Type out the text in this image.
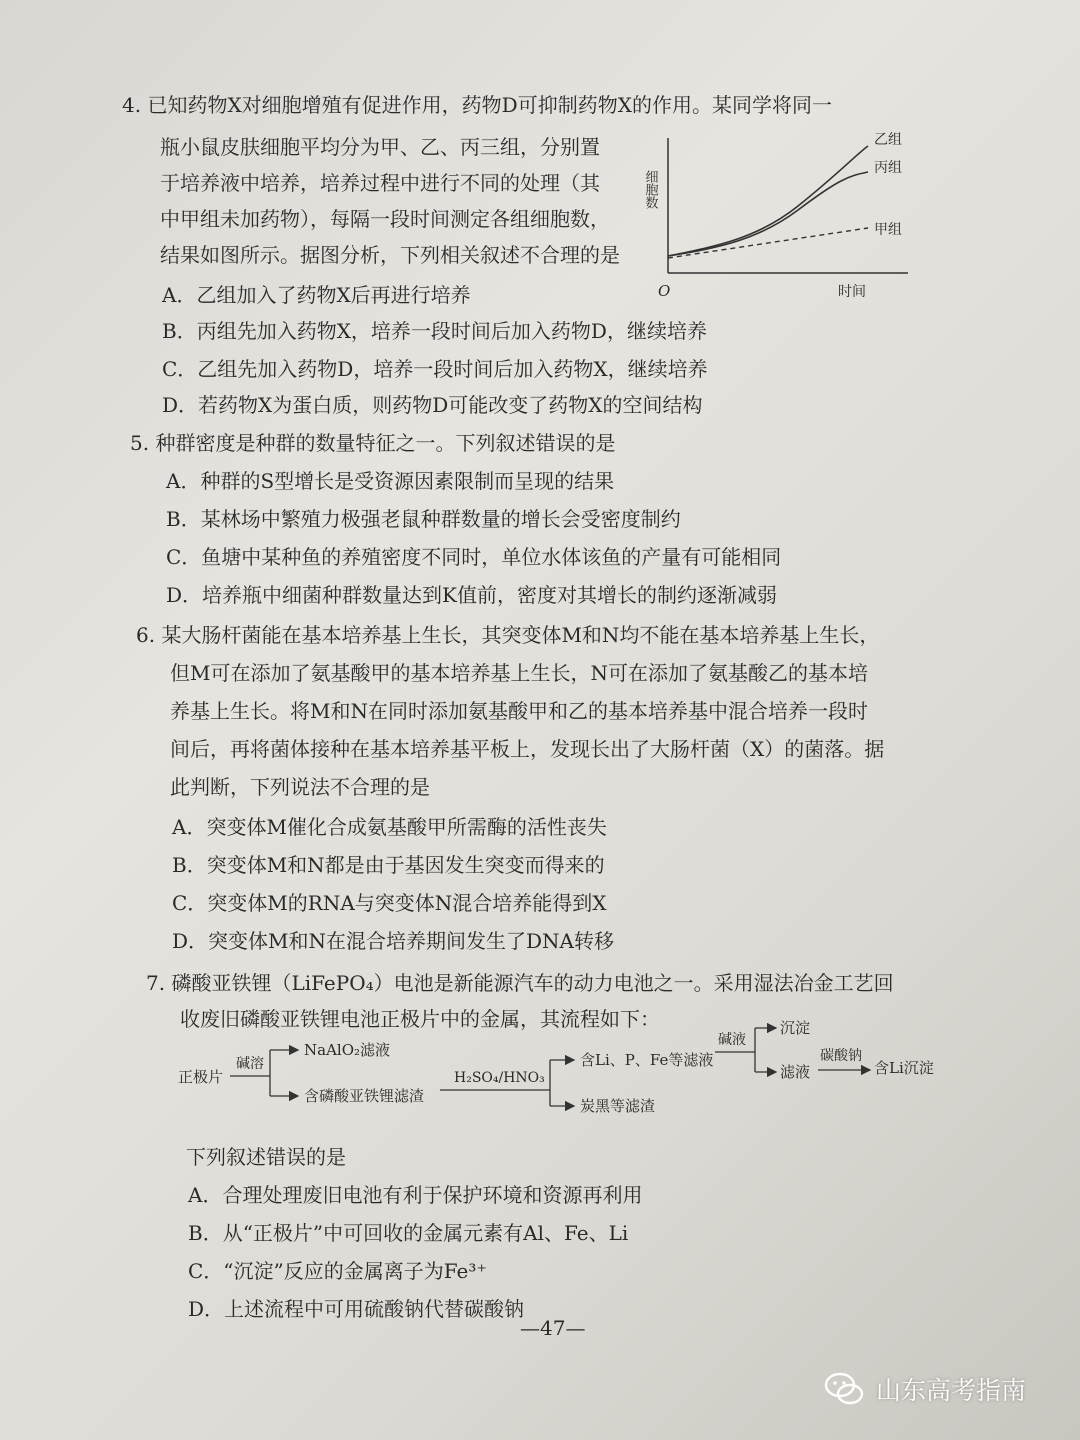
4. 已知药物X对细胞增殖有促进作用，药物D可抑制药物X的作用。某同学将同一
瓶小鼠皮肤细胞平均分为甲、乙、丙三组，分别置
于培养液中培养，培养过程中进行不同的处理（其
中甲组未加药物），每隔一段时间测定各组细胞数，
结果如图所示。据图分析，下列相关叙述不合理的是
细胞数
O	时间
乙组
丙组
甲组
A．乙组加入了药物X后再进行培养
B．丙组先加入药物X，培养一段时间后加入药物D，继续培养
C．乙组先加入药物D，培养一段时间后加入药物X，继续培养
D．若药物X为蛋白质，则药物D可能改变了药物X的空间结构
5. 种群密度是种群的数量特征之一。下列叙述错误的是
A．种群的S型增长是受资源因素限制而呈现的结果
B．某林场中繁殖力极强老鼠种群数量的增长会受密度制约
C．鱼塘中某种鱼的养殖密度不同时，单位水体该鱼的产量有可能相同
D．培养瓶中细菌种群数量达到K值前，密度对其增长的制约逐渐减弱
6. 某大肠杆菌能在基本培养基上生长，其突变体M和N均不能在基本培养基上生长，
但M可在添加了氨基酸甲的基本培养基上生长，N可在添加了氨基酸乙的基本培
养基上生长。将M和N在同时添加氨基酸甲和乙的基本培养基中混合培养一段时
间后，再将菌体接种在基本培养基平板上，发现长出了大肠杆菌（X）的菌落。据
此判断，下列说法不合理的是
A．突变体M催化合成氨基酸甲所需酶的活性丧失
B．突变体M和N都是由于基因发生突变而得来的
C．突变体M的RNA与突变体N混合培养能得到X
D．突变体M和N在混合培养期间发生了DNA转移
7. 磷酸亚铁锂（LiFePO₄）电池是新能源汽车的动力电池之一。采用湿法冶金工艺回
收废旧磷酸亚铁锂电池正极片中的金属，其流程如下：
正极片
碱溶
NaAlO₂滤液
含磷酸亚铁锂滤渣
H₂SO₄/HNO₃
含Li、P、Fe等滤液
炭黑等滤渣
碱液
沉淀
滤液
碳酸钠
含Li沉淀
下列叙述错误的是
A．合理处理废旧电池有利于保护环境和资源再利用
B．从“正极片”中可回收的金属元素有Al、Fe、Li
C．“沉淀”反应的金属离子为Fe³⁺
D．上述流程中可用硫酸钠代替碳酸钠
—47—
山东高考指南
